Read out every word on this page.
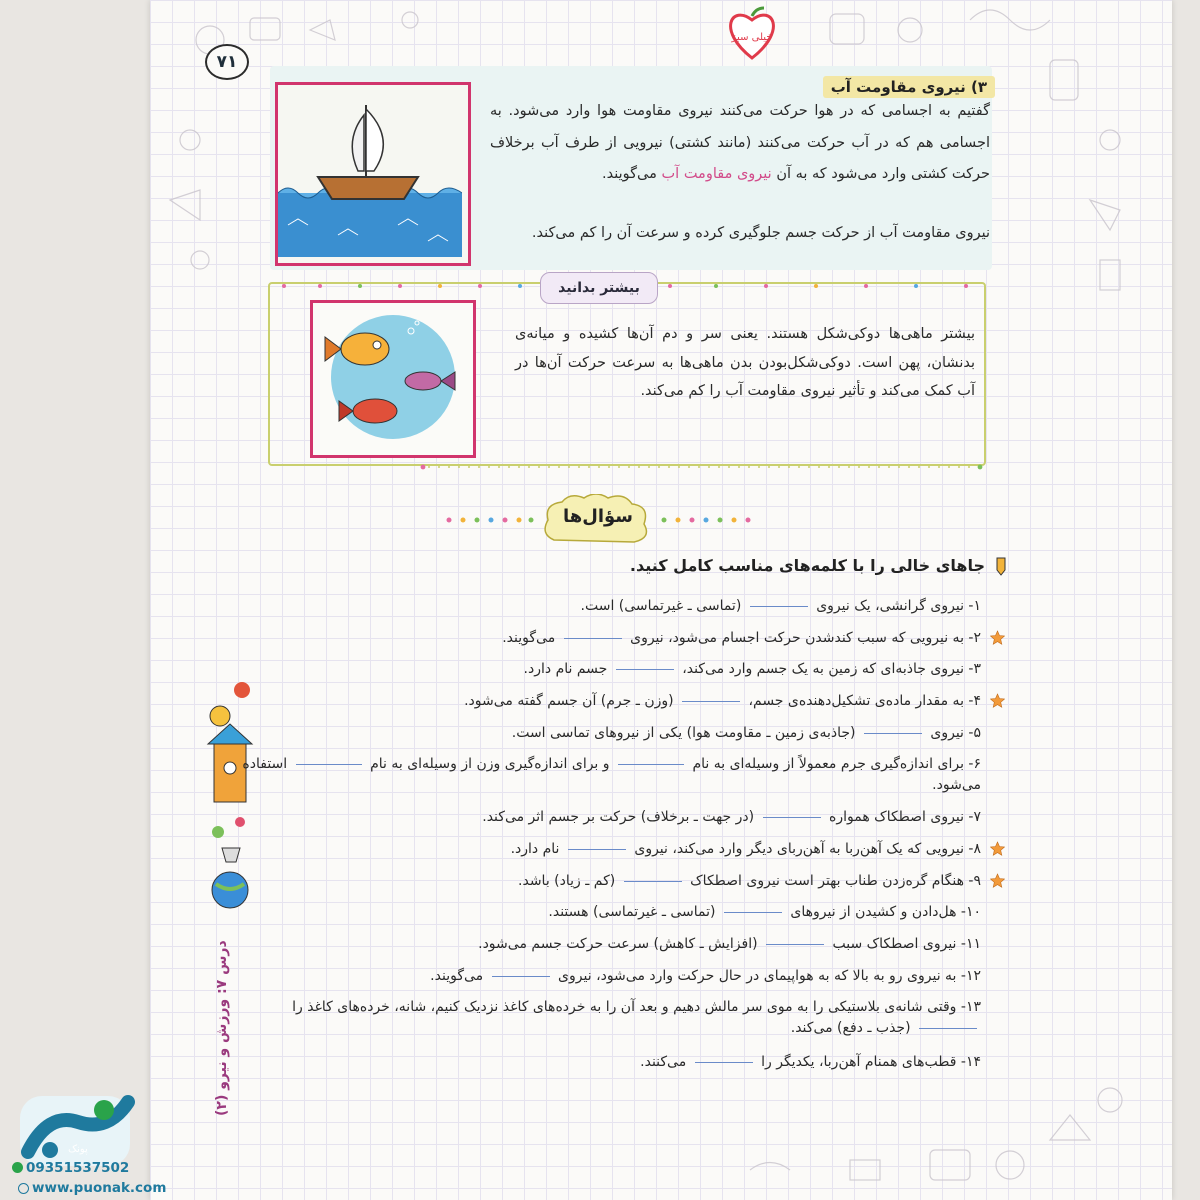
درس ۷: ورزش و نیرو (۲)
۷۱
خیلی سبز
۳) نیروی مقاومت آب
گفتیم به اجسامی که در هوا حرکت می‌کنند نیروی مقاومت هوا وارد می‌شود. به اجسامی هم که در آب حرکت می‌کنند (مانند کشتی) نیرویی از طرف آب برخلاف حرکت کشتی وارد می‌شود که به آن نیروی مقاومت آب می‌گویند.
نیروی مقاومت آب از حرکت جسم جلوگیری کرده و سرعت آن را کم می‌کند.
بیشتر بدانید
بیشتر ماهی‌ها دوکی‌شکل هستند. یعنی سر و دم آن‌ها کشیده و میانه‌ی بدنشان، پهن است. دوکی‌شکل‌بودن بدن ماهی‌ها به سرعت حرکت آن‌ها در آب کمک می‌کند و تأثیر نیروی مقاومت آب را کم می‌کند.
سؤال‌ها
جاهای خالی را با کلمه‌های مناسب کامل کنید.
۱- نیروی گرانشی، یک نیروی  (تماسی ـ غیرتماسی) است.
۲- به نیرویی که سبب کندشدن حرکت اجسام می‌شود، نیروی  می‌گویند.
۳- نیروی جاذبه‌ای که زمین به یک جسم وارد می‌کند،  جسم نام دارد.
۴- به مقدار ماده‌ی تشکیل‌دهنده‌ی جسم،  (وزن ـ جرم) آن جسم گفته می‌شود.
۵- نیروی  (جاذبه‌ی زمین ـ مقاومت هوا) یکی از نیروهای تماسی است.
۶- برای اندازه‌گیری جرم معمولاً از وسیله‌ای به نام  و برای اندازه‌گیری وزن از وسیله‌ای به نام  استفاده می‌شود.
۷- نیروی اصطکاک همواره  (در جهت ـ برخلاف) حرکت بر جسم اثر می‌کند.
۸- نیرویی که یک آهن‌ربا به آهن‌ربای دیگر وارد می‌کند، نیروی  نام دارد.
۹- هنگام گره‌زدن طناب بهتر است نیروی اصطکاک  (کم ـ زیاد) باشد.
۱۰- هل‌دادن و کشیدن از نیروهای  (تماسی ـ غیرتماسی) هستند.
۱۱- نیروی اصطکاک سبب  (افزایش ـ کاهش) سرعت حرکت جسم می‌شود.
۱۲- به نیروی رو به بالا که به هواپیمای در حال حرکت وارد می‌شود، نیروی  می‌گویند.
۱۳- وقتی شانه‌ی بلاستیکی را به موی سر مالش دهیم و بعد آن را به خرده‌های کاغذ نزدیک کنیم، شانه، خرده‌های کاغذ را  (جذب ـ دفع) می‌کند.
۱۴- قطب‌های همنام آهن‌ربا، یکدیگر را  می‌کنند.
پونک
09351537502
www.puonak.com
